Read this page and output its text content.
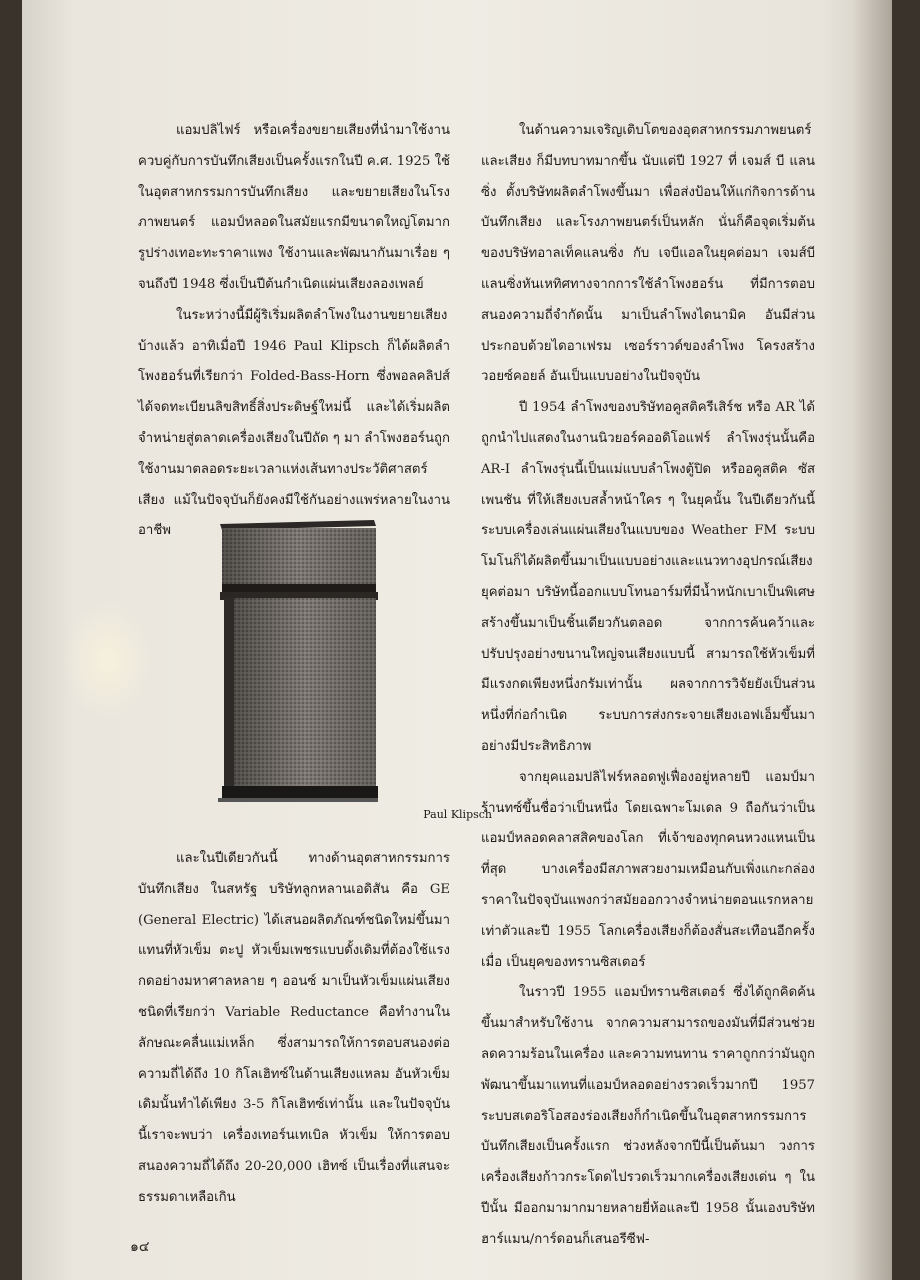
แอมปลิไฟร์ หรือเครื่องขยายเสียงที่นำมาใช้งานควบคู่กับการบันทึกเสียงเป็นครั้งแรกในปี ค.ศ. 1925 ใช้ในอุตสาหกรรมการบันทึกเสียง และขยายเสียงในโรงภาพยนตร์ แอมป์หลอดในสมัยแรกมีขนาดใหญ่โตมาก รูปร่างเทอะทะราคาแพง ใช้งานและพัฒนากันมาเรื่อย ๆ จนถึงปี 1948 ซึ่งเป็นปีต้นกำเนิดแผ่นเสียงลองเพลย์

ในระหว่างนี้มีผู้ริเริ่มผลิตลำโพงในงานขยายเสียงบ้างแล้ว อาทิเมื่อปี 1946 Paul Klipsch ก็ได้ผลิตลำโพงฮอร์นที่เรียกว่า Folded-Bass-Horn ซึ่งพอลคลิปส์ได้จดทะเบียนลิขสิทธิ์สิ่งประดิษฐ์ใหม่นี้ และได้เริ่มผลิตจำหน่ายสู่ตลาดเครื่องเสียงในปีถัด ๆ มา ลำโพงฮอร์นถูกใช้งานมาตลอดระยะเวลาแห่งเส้นทางประวัติศาสตร์เสียง แม้ในปัจจุบันก็ยังคงมีใช้กันอย่างแพร่หลายในงานอาชีพ

Paul Klipsch

และในปีเดียวกันนี้ ทางด้านอุตสาหกรรมการบันทึกเสียง ในสหรัฐ บริษัทลูกหลานเอดิสัน คือ GE (General Electric) ได้เสนอผลิตภัณฑ์ชนิดใหม่ขึ้นมาแทนที่หัวเข็ม ตะปู หัวเข็มเพชรแบบดั้งเดิมที่ต้องใช้แรงกดอย่างมหาศาลหลาย ๆ ออนซ์ มาเป็นหัวเข็มแผ่นเสียงชนิดที่เรียกว่า Variable Reductance คือทำงานในลักษณะคลื่นแม่เหล็ก ซึ่งสามารถให้การตอบสนองต่อความถี่ได้ถึง 10 กิโลเฮิทซ์ในด้านเสียงแหลม อันหัวเข็มเดิมนั้นทำได้เพียง 3-5 กิโลเฮิทซ์เท่านั้น และในปัจจุบันนี้เราจะพบว่า เครื่องเทอร์นเทเบิล หัวเข็ม ให้การตอบสนองความถี่ได้ถึง 20-20,000 เฮิทซ์ เป็นเรื่องที่แสนจะธรรมดาเหลือเกิน

ในด้านความเจริญเติบโตของอุตสาหกรรมภาพยนตร์และเสียง ก็มีบทบาทมากขึ้น นับแต่ปี 1927 ที่ เจมส์ บี แลนซิ่ง ตั้งบริษัทผลิตลำโพงขึ้นมา เพื่อส่งป้อนให้แก่กิจการด้านบันทึกเสียง และโรงภาพยนตร์เป็นหลัก นั่นก็คือจุดเริ่มต้นของบริษัทอาลเท็คแลนซิ่ง กับ เจบีแอลในยุคต่อมา เจมส์บีแลนซิ่งหันเหทิศทางจากการใช้ลำโพงฮอร์น ที่มีการตอบสนองความถี่จำกัดนั้น มาเป็นลำโพงไดนามิค อันมีส่วนประกอบด้วยไดอาเฟรม เซอร์ราวด์ของลำโพง โครงสร้าง วอยซ์คอยล์ อันเป็นแบบอย่างในปัจจุบัน

ปี 1954 ลำโพงของบริษัทอคูสติครีเสิร์ช หรือ AR ได้ถูกนำไปแสดงในงานนิวยอร์คออดิโอแฟร์ ลำโพงรุ่นนั้นคือ AR-I ลำโพงรุ่นนี้เป็นแม่แบบลำโพงตู้ปิด หรืออคูสติค ซัสเพนชัน ที่ให้เสียงเบสล้ำหน้าใคร ๆ ในยุคนั้น ในปีเดียวกันนี้ระบบเครื่องเล่นแผ่นเสียงในแบบของ Weather FM ระบบโมโนก็ได้ผลิตขึ้นมาเป็นแบบอย่างและแนวทางอุปกรณ์เสียงยุคต่อมา บริษัทนี้ออกแบบโทนอาร์มที่มีน้ำหนักเบาเป็นพิเศษ สร้างขึ้นมาเป็นชิ้นเดียวกันตลอด จากการค้นคว้าและปรับปรุงอย่างขนานใหญ่จนเสียงแบบนี้ สามารถใช้หัวเข็มที่มีแรงกดเพียงหนึ่งกรัมเท่านั้น ผลจากการวิจัยยังเป็นส่วนหนึ่งที่ก่อกำเนิด ระบบการส่งกระจายเสียงเอฟเอ็มขึ้นมาอย่างมีประสิทธิภาพ

จากยุคแอมปลิไฟร์หลอดฟูเฟื่องอยู่หลายปี แอมป์มาร้านทซ์ขึ้นชื่อว่าเป็นหนึ่ง โดยเฉพาะโมเดล 9 ถือกันว่าเป็นแอมป์หลอดคลาสสิคของโลก ที่เจ้าของทุกคนหวงแหนเป็นที่สุด บางเครื่องมีสภาพสวยงามเหมือนกับเพิ่งแกะกล่อง ราคาในปัจจุบันแพงกว่าสมัยออกวางจำหน่ายตอนแรกหลายเท่าตัวและปี 1955 โลกเครื่องเสียงก็ต้องสั่นสะเทือนอีกครั้ง เมื่อ เป็นยุคของทรานซิสเตอร์

ในราวปี 1955 แอมป์ทรานซิสเตอร์ ซึ่งได้ถูกคิดค้นขึ้นมาสำหรับใช้งาน จากความสามารถของมันที่มีส่วนช่วยลดความร้อนในเครื่อง และความทนทาน ราคาถูกกว่ามันถูกพัฒนาขึ้นมาแทนที่แอมป์หลอดอย่างรวดเร็วมากปี 1957 ระบบสเตอริโอสองร่องเสียงก็กำเนิดขึ้นในอุตสาหกรรมการบันทึกเสียงเป็นครั้งแรก ช่วงหลังจากปีนี้เป็นต้นมา วงการเครื่องเสียงก้าวกระโดดไปรวดเร็วมากเครื่องเสียงเด่น ๆ ในปีนั้น มีออกมามากมายหลายยี่ห้อและปี 1958 นั้นเองบริษัทฮาร์แมน/การ์ดอนก็เสนอรีซีฟ-

๑๔
